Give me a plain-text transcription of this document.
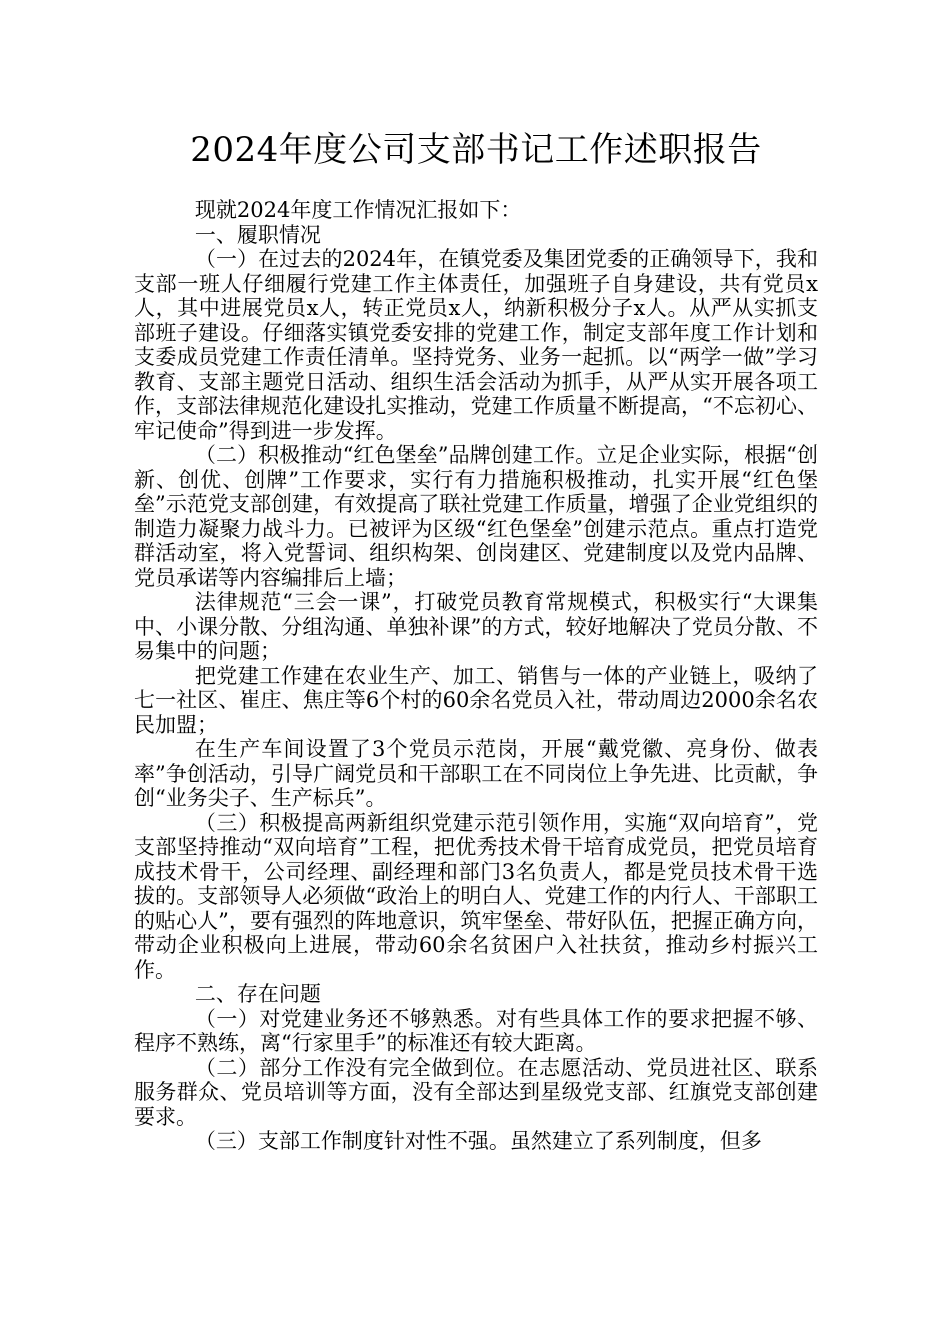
2024年度公司支部书记工作述职报告

现就2024年度工作情况汇报如下：

一、履职情况

（一）在过去的2024年，在镇党委及集团党委的正确领导下，我和支部一班人仔细履行党建工作主体责任，加强班子自身建设，共有党员x人，其中进展党员x人，转正党员x人，纳新积极分子x人。从严从实抓支部班子建设。仔细落实镇党委安排的党建工作，制定支部年度工作计划和支委成员党建工作责任清单。坚持党务、业务一起抓。以“两学一做”学习教育、支部主题党日活动、组织生活会活动为抓手，从严从实开展各项工作，支部法律规范化建设扎实推动，党建工作质量不断提高，“不忘初心、牢记使命”得到进一步发挥。

（二）积极推动“红色堡垒”品牌创建工作。立足企业实际，根据“创新、创优、创牌”工作要求，实行有力措施积极推动，扎实开展“红色堡垒”示范党支部创建，有效提高了联社党建工作质量，增强了企业党组织的制造力凝聚力战斗力。已被评为区级“红色堡垒”创建示范点。重点打造党群活动室，将入党誓词、组织构架、创岗建区、党建制度以及党内品牌、党员承诺等内容编排后上墙；

法律规范“三会一课”，打破党员教育常规模式，积极实行“大课集中、小课分散、分组沟通、单独补课”的方式，较好地解决了党员分散、不易集中的问题；

把党建工作建在农业生产、加工、销售与一体的产业链上，吸纳了七一社区、崔庄、焦庄等6个村的60余名党员入社，带动周边2000余名农民加盟；

在生产车间设置了3个党员示范岗，开展“戴党徽、亮身份、做表率”争创活动，引导广阔党员和干部职工在不同岗位上争先进、比贡献，争创“业务尖子、生产标兵”。

（三）积极提高两新组织党建示范引领作用，实施“双向培育”，党支部坚持推动“双向培育”工程，把优秀技术骨干培育成党员，把党员培育成技术骨干，公司经理、副经理和部门3名负责人，都是党员技术骨干选拔的。支部领导人必须做“政治上的明白人、党建工作的内行人、干部职工的贴心人”，要有强烈的阵地意识，筑牢堡垒、带好队伍，把握正确方向，带动企业积极向上进展，带动60余名贫困户入社扶贫，推动乡村振兴工作。

二、存在问题

（一）对党建业务还不够熟悉。对有些具体工作的要求把握不够、程序不熟练，离“行家里手”的标准还有较大距离。

（二）部分工作没有完全做到位。在志愿活动、党员进社区、联系服务群众、党员培训等方面，没有全部达到星级党支部、红旗党支部创建要求。

（三）支部工作制度针对性不强。虽然建立了系列制度，但多
